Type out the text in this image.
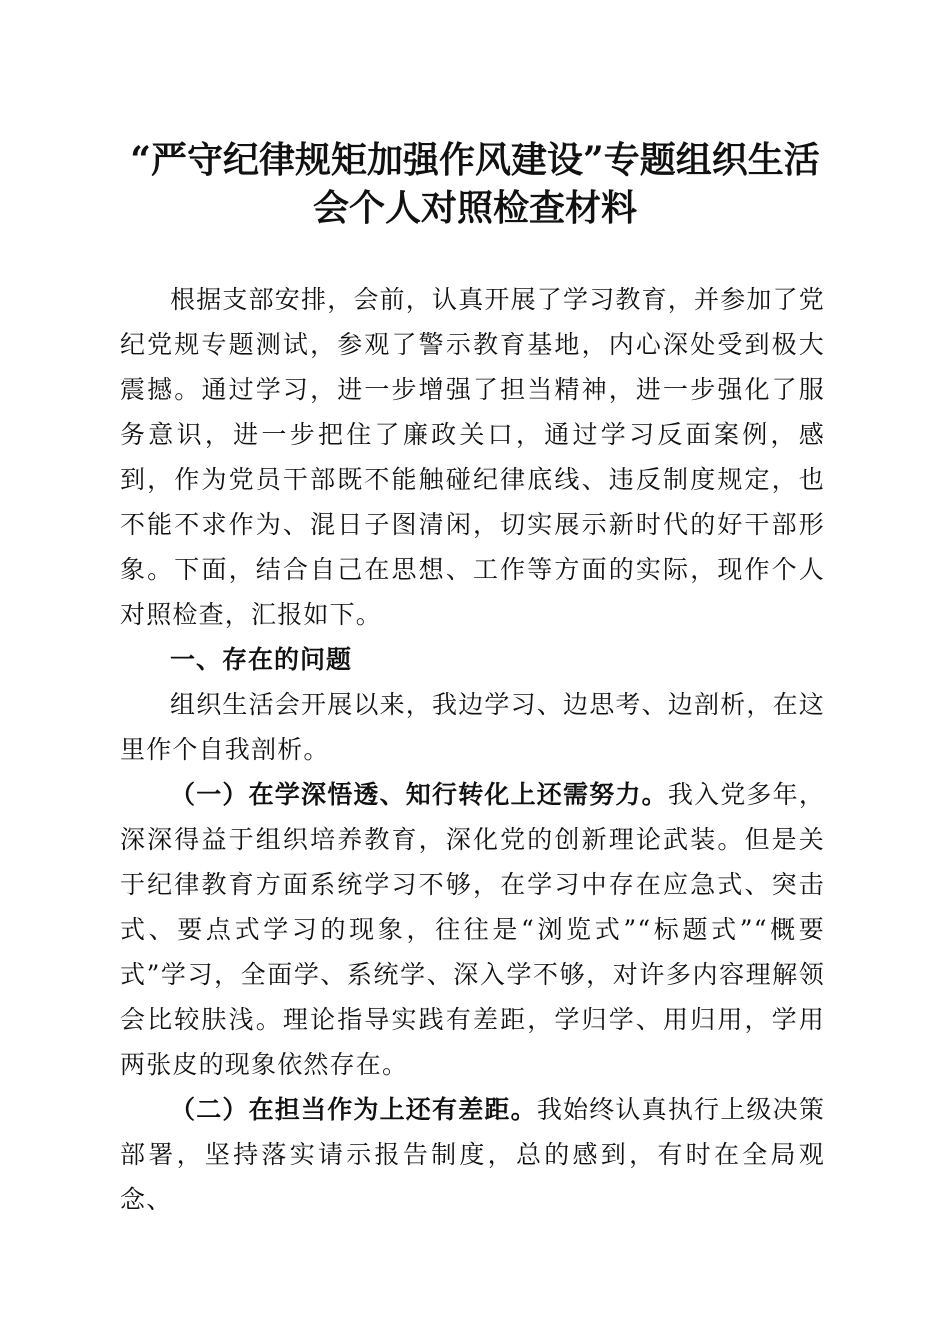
“严守纪律规矩加强作风建设”专题组织生活
会个人对照检查材料

根据支部安排，会前，认真开展了学习教育，并参加了党纪党规专题测试，参观了警示教育基地，内心深处受到极大震撼。通过学习，进一步增强了担当精神，进一步强化了服务意识，进一步把住了廉政关口，通过学习反面案例，感到，作为党员干部既不能触碰纪律底线、违反制度规定，也不能不求作为、混日子图清闲，切实展示新时代的好干部形象。下面，结合自己在思想、工作等方面的实际，现作个人对照检查，汇报如下。

一、存在的问题

组织生活会开展以来，我边学习、边思考、边剖析，在这里作个自我剖析。

（一）在学深悟透、知行转化上还需努力。我入党多年，深深得益于组织培养教育，深化党的创新理论武装。但是关于纪律教育方面系统学习不够，在学习中存在应急式、突击式、要点式学习的现象，往往是“浏览式”“标题式”“概要式”学习，全面学、系统学、深入学不够，对许多内容理解领会比较肤浅。理论指导实践有差距，学归学、用归用，学用两张皮的现象依然存在。

（二）在担当作为上还有差距。我始终认真执行上级决策部署，坚持落实请示报告制度，总的感到，有时在全局观念、
